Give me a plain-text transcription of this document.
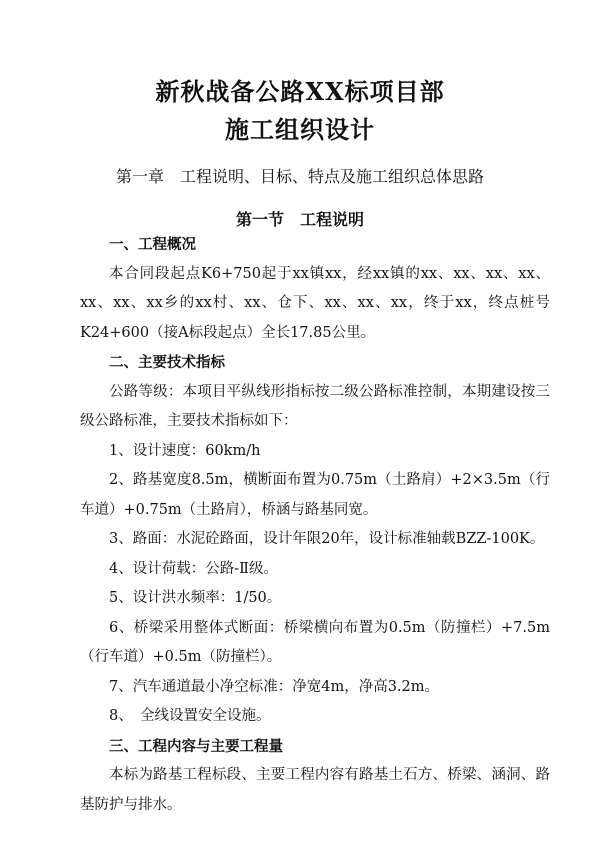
新秋战备公路XX标项目部
施工组织设计
第一章　工程说明、目标、特点及施工组织总体思路
第一节　工程说明

一、工程概况

本合同段起点K6+750起于xx镇xx，经xx镇的xx、xx、xx、xx、xx、xx、xx乡的xx村、xx、仓下、xx、xx、xx，终于xx，终点桩号K24+600（接A标段起点）全长17.85公里。

二、主要技术指标

公路等级：本项目平纵线形指标按二级公路标准控制，本期建设按三级公路标准，主要技术指标如下：

1、设计速度：60km/h

2、路基宽度8.5m，横断面布置为0.75m（土路肩）+2×3.5m（行车道）+0.75m（土路肩），桥涵与路基同宽。

3、路面：水泥砼路面，设计年限20年，设计标准轴载BZZ-100K。

4、设计荷载：公路-Ⅱ级。

5、设计洪水频率：1/50。

6、桥梁采用整体式断面：桥梁横向布置为0.5m（防撞栏）+7.5m（行车道）+0.5m（防撞栏）。

7、汽车通道最小净空标准：净宽4m，净高3.2m。

8、　全线设置安全设施。

三、工程内容与主要工程量

本标为路基工程标段、主要工程内容有路基土石方、桥梁、涵洞、路基防护与排水。
